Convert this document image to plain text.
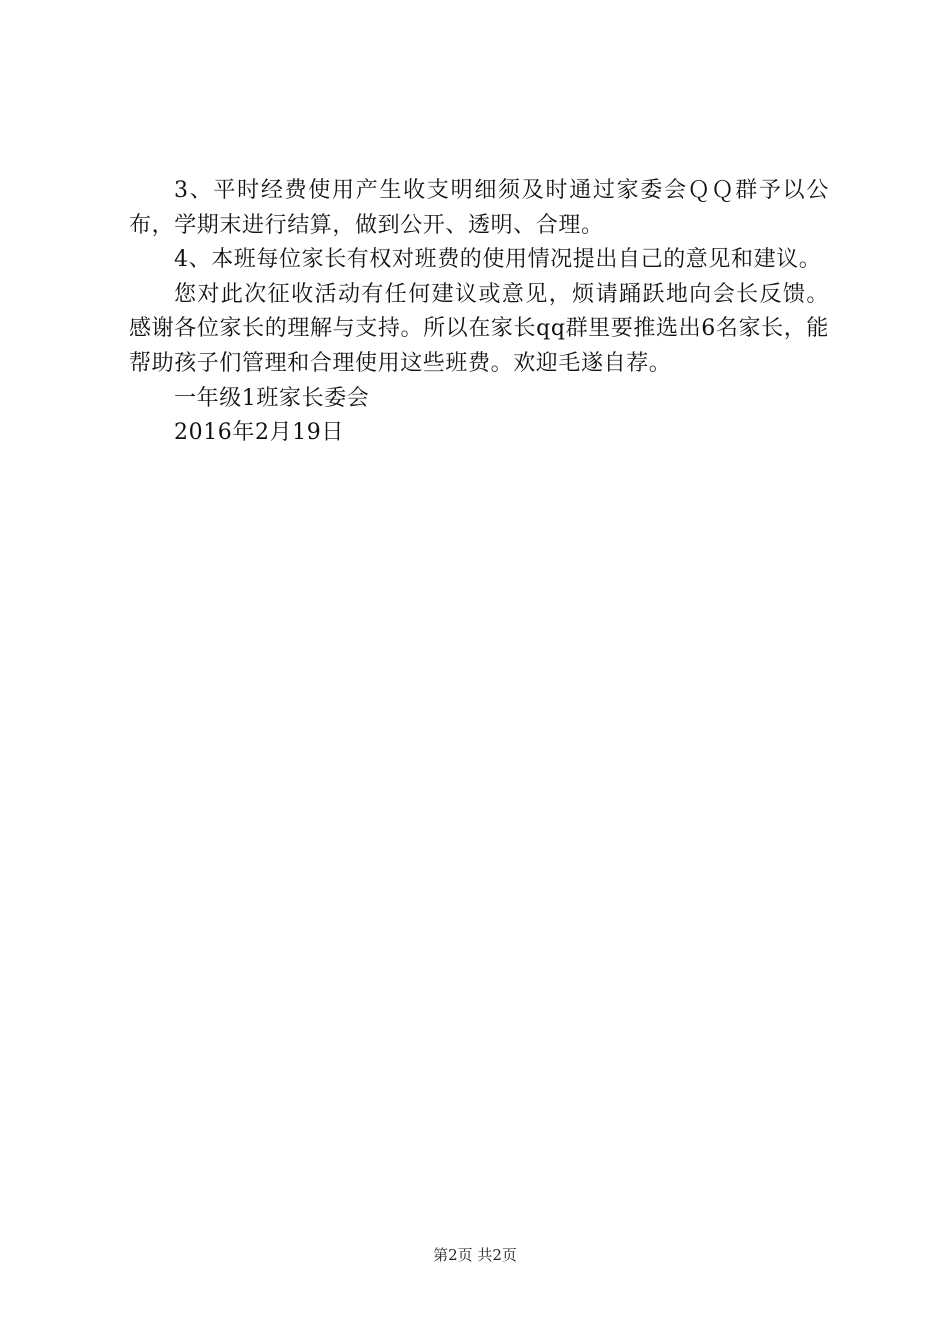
3、平时经费使用产生收支明细须及时通过家委会ＱＱ群予以公布，学期末进行结算，做到公开、透明、合理。

4、本班每位家长有权对班费的使用情况提出自己的意见和建议。

您对此次征收活动有任何建议或意见，烦请踊跃地向会长反馈。感谢各位家长的理解与支持。所以在家长qq群里要推选出6名家长，能帮助孩子们管理和合理使用这些班费。欢迎毛遂自荐。

一年级1班家长委会

2016年2月19日

第2页 共2页
